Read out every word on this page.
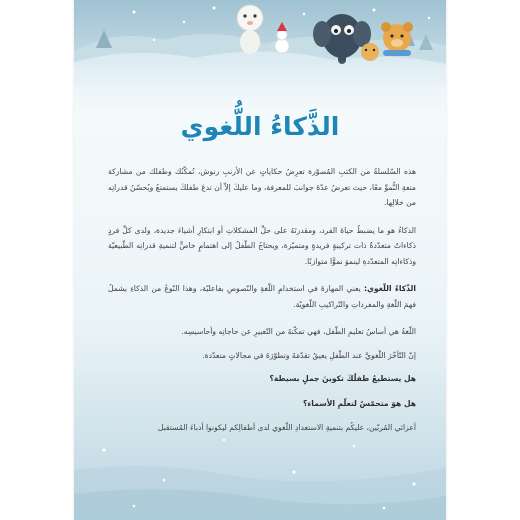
الذَّكاءُ اللُّغوي

هذه السّلسلةُ من الكتبِ المُصوّرة تعرِضُ حكاياتٍ عن الأرنبِ رنوش، تُمكّنُك وطفلك من مشاركة متعةِ النُّموِّ معًا، حيث تعرضُ عدّةَ جوانبَ للمعرفة، وما عليكَ إلاّ أن تدعَ طفلكَ يستمتعُ ويُحسّنُ قدراتِه من خلالِها.

الذكاءُ هو ما يضبطُ حياةَ الفرد، ومقدرتَهُ على حلِّ المشكلاتِ أو ابتكارِ أشياءَ جديدة، ولدى كلِّ فردٍ ذكاءاتٌ متعدّدةٌ ذات تركيبةٍ فريدةٍ ومتميّزة، ويحتاجُ الطّفلُ إلى اهتمامٍ خاصٍّ لتنميةِ قدراتِه الطّبيعيّة وذكاءاتِه المتعدّدةِ لينموَ نموًّا متوازنًا.

الذّكاءُ اللّغوي: يعني المهارةَ في استخدامِ اللّغةِ والنّصوصِ بفاعليّة، وهذا النّوعُ من الذكاءِ يشملُ فهمَ اللّغةِ والمفرداتِ والتّراكيبِ اللّغويّة.

اللّغةُ هي أساسُ تعليمِ الطّفل، فهي تمكّنهُ من التّعبيرِ عن حاجاتِه وأحاسيسِه.

إنّ التّأخّرَ اللّغويَّ عند الطّفلِ يعيقُ تقدّمَهُ وتطوّرَهُ في مجالاتٍ متعدّدة.

هل يستطيعُ طفلُكَ تكوينَ جملٍ بسيطة؟

هل هوَ متحمّسٌ لتعلّمِ الأسماء؟

أعزائي المُربّين، عليكُم بتنميةِ الاستعدادِ اللّغوي لدى أطفالِكم ليكونوا أدباءَ المُستقبل
